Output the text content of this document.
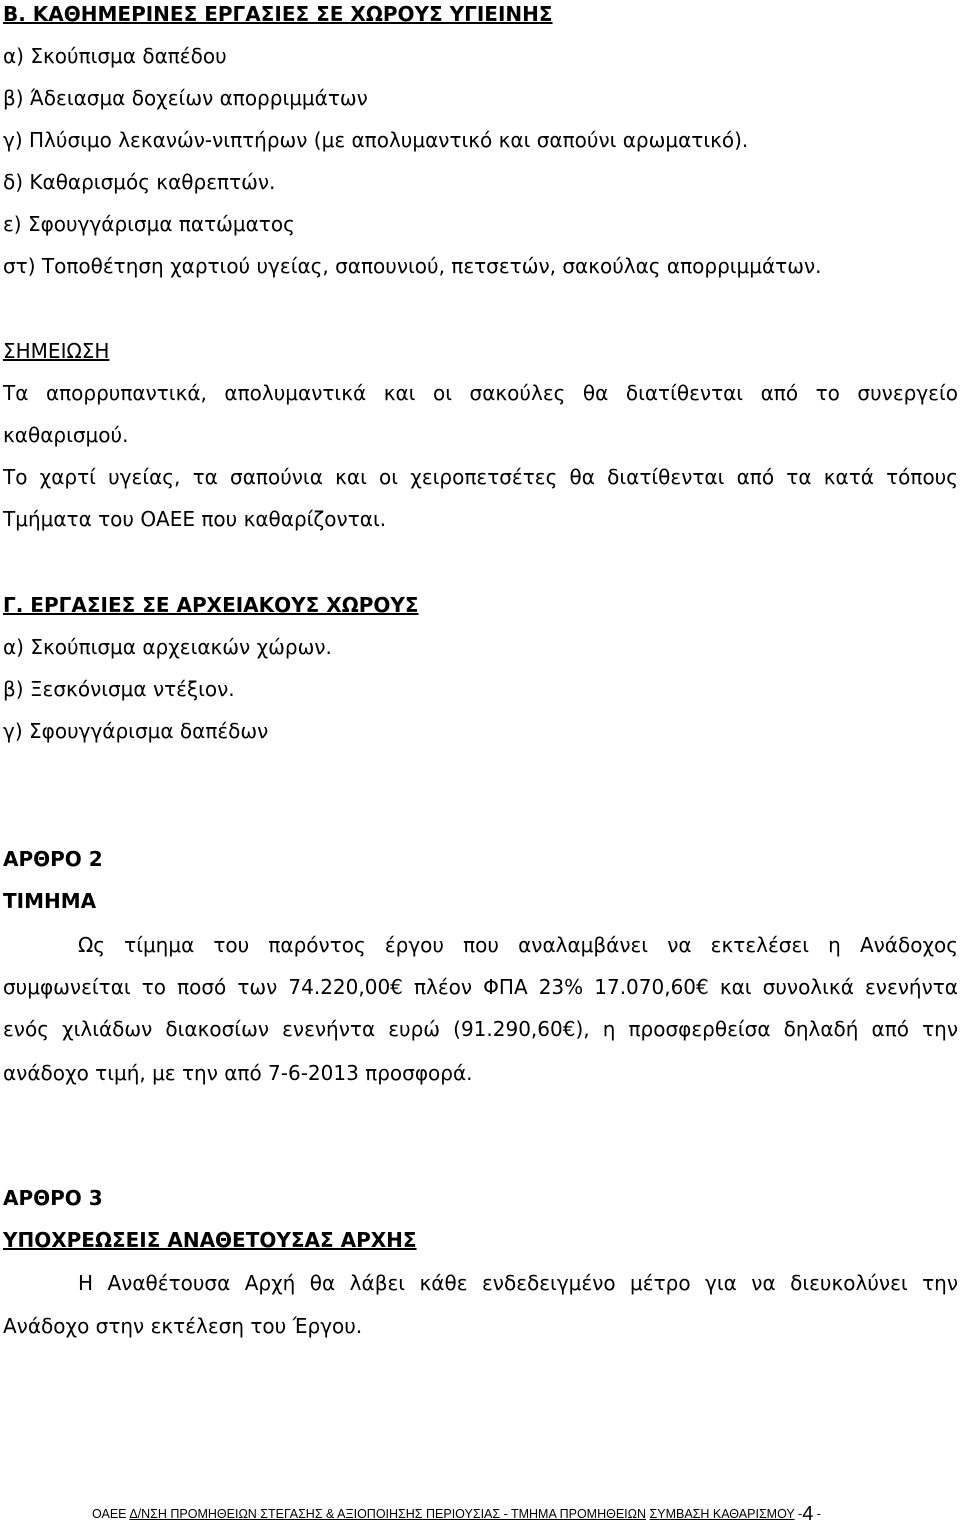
Β. ΚΑΘΗΜΕΡΙΝΕΣ ΕΡΓΑΣΙΕΣ ΣΕ ΧΩΡΟΥΣ ΥΓΙΕΙΝΗΣ
α) Σκούπισμα δαπέδου
β) Άδειασμα δοχείων απορριμμάτων
γ) Πλύσιμο λεκανών-νιπτήρων (με απολυμαντικό και σαπούνι αρωματικό).
δ) Καθαρισμός καθρεπτών.
ε) Σφουγγάρισμα πατώματος
στ) Τοποθέτηση χαρτιού υγείας, σαπουνιού, πετσετών, σακούλας απορριμμάτων.
ΣΗΜΕΙΩΣΗ
Τα απορρυπαντικά, απολυμαντικά και οι σακούλες θα διατίθενται από το συνεργείο
καθαρισμού.
Το χαρτί υγείας, τα σαπούνια και οι χειροπετσέτες θα διατίθενται από τα κατά τόπους
Τμήματα του ΟΑΕΕ που καθαρίζονται.
Γ. ΕΡΓΑΣΙΕΣ ΣΕ ΑΡΧΕΙΑΚΟΥΣ ΧΩΡΟΥΣ
α) Σκούπισμα αρχειακών χώρων.
β) Ξεσκόνισμα ντέξιον.
γ) Σφουγγάρισμα δαπέδων
ΑΡΘΡΟ 2
ΤΙΜΗΜΑ
Ως τίμημα του παρόντος έργου που αναλαμβάνει να εκτελέσει η Ανάδοχος
συμφωνείται το ποσό των 74.220,00€ πλέον ΦΠΑ 23% 17.070,60€ και συνολικά ενενήντα
ενός χιλιάδων διακοσίων ενενήντα ευρώ (91.290,60€), η προσφερθείσα δηλαδή από την
ανάδοχο τιμή, με την από 7-6-2013 προσφορά.
ΑΡΘΡΟ 3
ΥΠΟΧΡΕΩΣΕΙΣ ΑΝΑΘΕΤΟΥΣΑΣ ΑΡΧΗΣ
Η Αναθέτουσα Αρχή θα λάβει κάθε ενδεδειγμένο μέτρο για να διευκολύνει την
Ανάδοχο στην εκτέλεση του Έργου.
ΟΑΕΕ Δ/ΝΣΗ ΠΡΟΜΗΘΕΙΩΝ ΣΤΕΓΑΣΗΣ & ΑΞΙΟΠΟΙΗΣΗΣ ΠΕΡΙΟΥΣΙΑΣ - ΤΜΗΜΑ ΠΡΟΜΗΘΕΙΩΝ ΣΥΜΒΑΣΗ ΚΑΘΑΡΙΣΜΟΥ -4 -
